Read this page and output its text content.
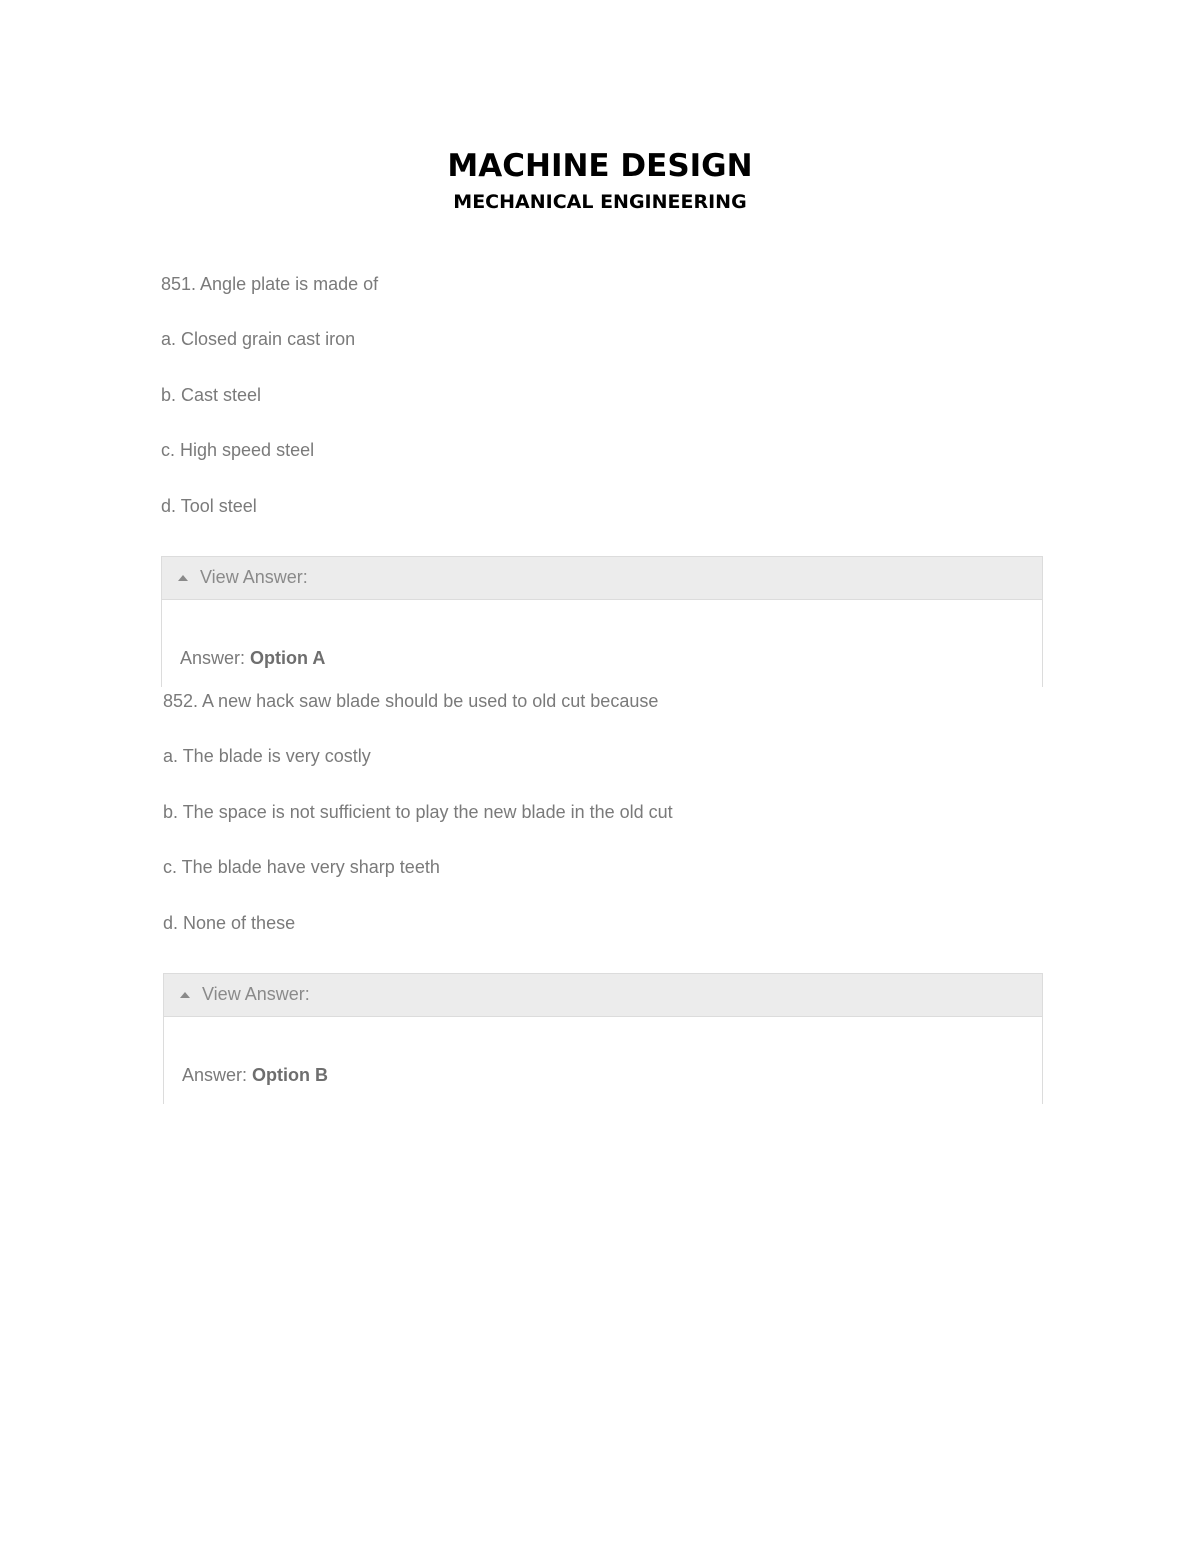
MACHINE DESIGN
MECHANICAL ENGINEERING
851. Angle plate is made of
a. Closed grain cast iron
b. Cast steel
c. High speed steel
d. Tool steel
View Answer:
Answer: Option A
852. A new hack saw blade should be used to old cut because
a. The blade is very costly
b. The space is not sufficient to play the new blade in the old cut
c. The blade have very sharp teeth
d. None of these
View Answer:
Answer: Option B
